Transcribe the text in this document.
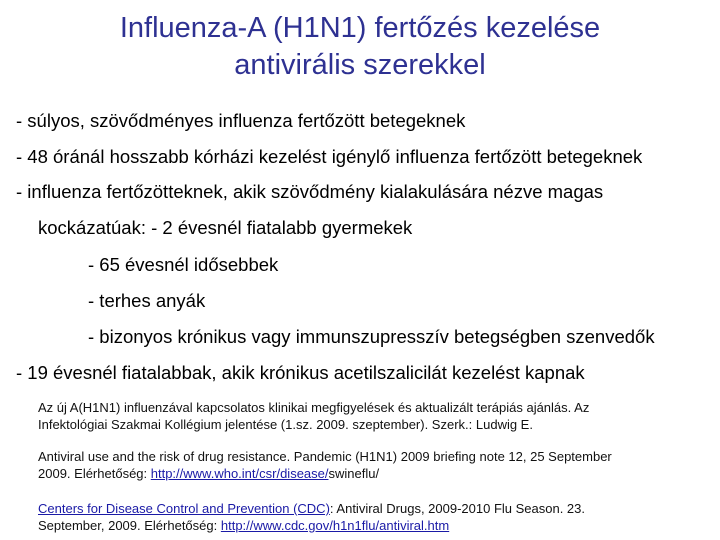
Influenza-A (H1N1) fertőzés kezelése
antivirális szerekkel
- súlyos, szövődményes influenza fertőzött betegeknek
- 48 óránál hosszabb kórházi kezelést igénylő influenza fertőzött betegeknek
- influenza fertőzötteknek, akik szövődmény kialakulására nézve magas
kockázatúak: - 2 évesnél fiatalabb gyermekek
- 65 évesnél idősebbek
- terhes anyák
- bizonyos krónikus vagy immunszupresszív betegségben szenvedők
- 19 évesnél fiatalabbak, akik krónikus acetilszalicilát kezelést kapnak
Az új A(H1N1) influenzával kapcsolatos klinikai megfigyelések és aktualizált terápiás ajánlás. Az
Infektológiai Szakmai Kollégium jelentése (1.sz. 2009. szeptember). Szerk.: Ludwig E.
Antiviral use and the risk of drug resistance. Pandemic (H1N1) 2009 briefing note 12, 25 September
2009. Elérhetőség: http://www.who.int/csr/disease/swineflu/
Centers for Disease Control and Prevention (CDC): Antiviral Drugs, 2009-2010 Flu Season. 23.
September, 2009. Elérhetőség: http://www.cdc.gov/h1n1flu/antiviral.htm
